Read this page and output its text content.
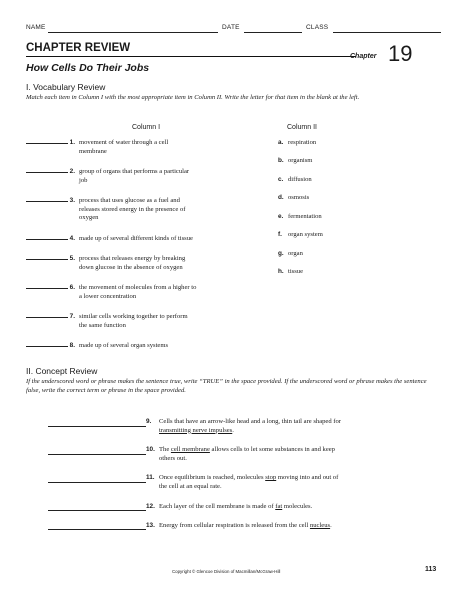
NAME	DATE	CLASS
CHAPTER REVIEW
Chapter 19
How Cells Do Their Jobs
I. Vocabulary Review
Match each item in Column I with the most appropriate item in Column II. Write the letter for that item in the blank at the left.
Column I	Column II
1. movement of water through a cell
membrane
2. group of organs that performs a particular
job
3. process that uses glucose as a fuel and
releases stored energy in the presence of
oxygen
4. made up of several different kinds of tissue
5. process that releases energy by breaking
down glucose in the absence of oxygen
6. the movement of molecules from a higher to
a lower concentration
7. similar cells working together to perform
the same function
8. made up of several organ systems
a. respiration
b. organism
c. diffusion
d. osmosis
e. fermentation
f. organ system
g. organ
h. tissue
II. Concept Review
If the underscored word or phrase makes the sentence true, write “TRUE” in the space provided. If the underscored word or phrase makes the sentence false, write the correct term or phrase in the space provided.
9. Cells that have an arrow-like head and a long, thin tail are shaped for
transmitting nerve impulses.
10. The cell membrane allows cells to let some substances in and keep
others out.
11. Once equilibrium is reached, molecules stop moving into and out of
the cell at an equal rate.
12. Each layer of the cell membrane is made of fat molecules.
13. Energy from cellular respiration is released from the cell nucleus.
Copyright © Glencoe Division of Macmillan/McGraw-Hill	113
